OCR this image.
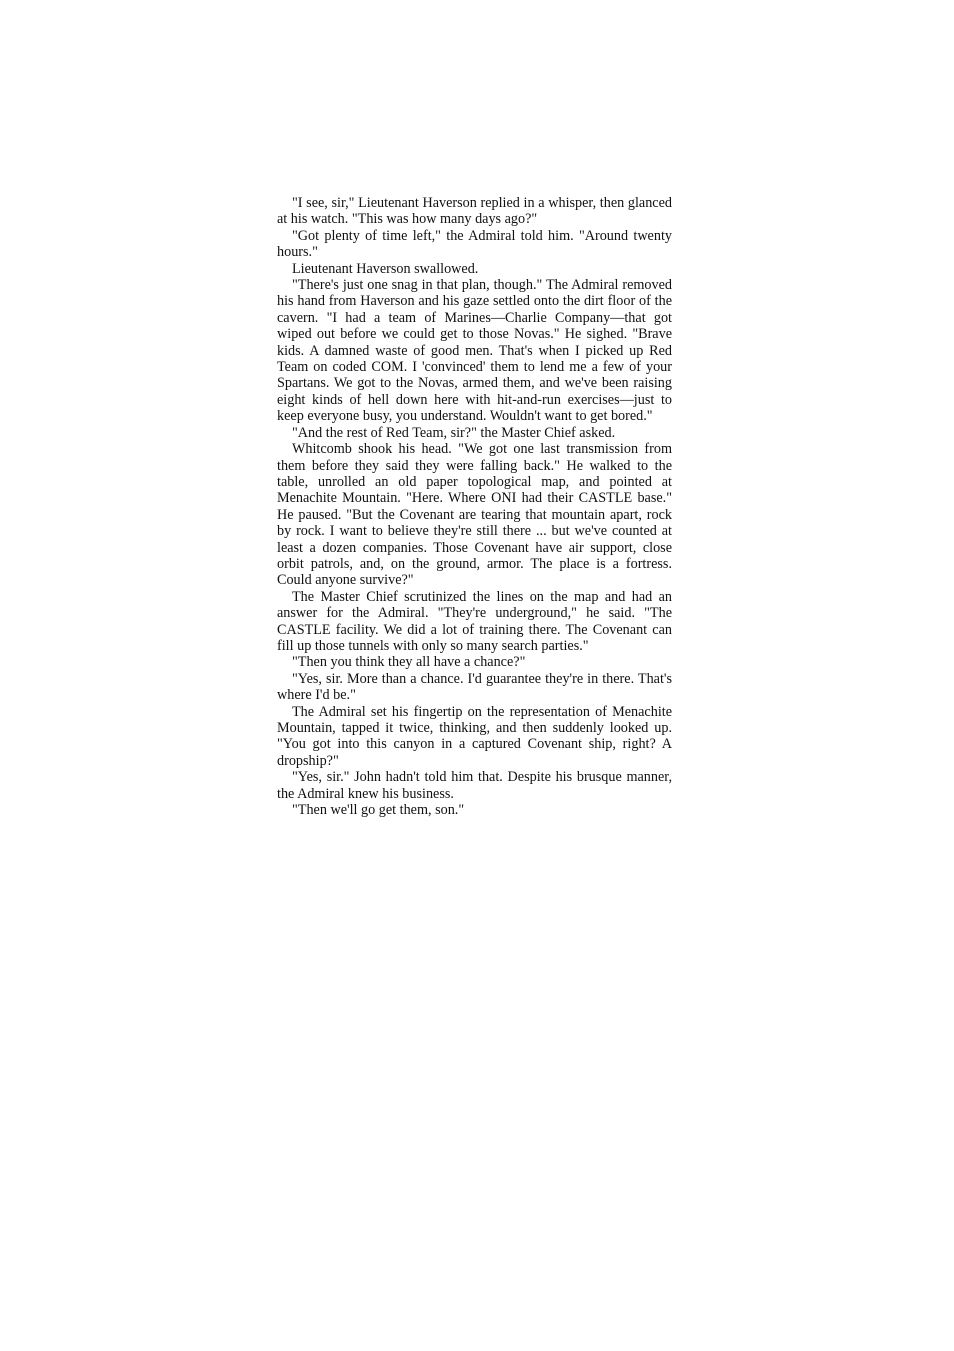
"I see, sir," Lieutenant Haverson replied in a whisper, then glanced at his watch. "This was how many days ago?"

"Got plenty of time left," the Admiral told him. "Around twenty hours."

Lieutenant Haverson swallowed.

"There's just one snag in that plan, though." The Admiral removed his hand from Haverson and his gaze settled onto the dirt floor of the cavern. "I had a team of Marines—Charlie Company—that got wiped out before we could get to those Novas." He sighed. "Brave kids. A damned waste of good men. That's when I picked up Red Team on coded COM. I 'convinced' them to lend me a few of your Spartans. We got to the Novas, armed them, and we've been raising eight kinds of hell down here with hit-and-run exercises—just to keep everyone busy, you understand. Wouldn't want to get bored."

"And the rest of Red Team, sir?" the Master Chief asked.

Whitcomb shook his head. "We got one last transmission from them before they said they were falling back." He walked to the table, unrolled an old paper topological map, and pointed at Menachite Mountain. "Here. Where ONI had their CASTLE base." He paused. "But the Covenant are tearing that mountain apart, rock by rock. I want to believe they're still there ... but we've counted at least a dozen companies. Those Covenant have air support, close orbit patrols, and, on the ground, armor. The place is a fortress. Could anyone survive?"

The Master Chief scrutinized the lines on the map and had an answer for the Admiral. "They're underground," he said. "The CASTLE facility. We did a lot of training there. The Covenant can fill up those tunnels with only so many search parties."

"Then you think they all have a chance?"

"Yes, sir. More than a chance. I'd guarantee they're in there. That's where I'd be."

The Admiral set his fingertip on the representation of Menachite Mountain, tapped it twice, thinking, and then suddenly looked up. "You got into this canyon in a captured Covenant ship, right? A dropship?"

"Yes, sir." John hadn't told him that. Despite his brusque manner, the Admiral knew his business.

"Then we'll go get them, son."
